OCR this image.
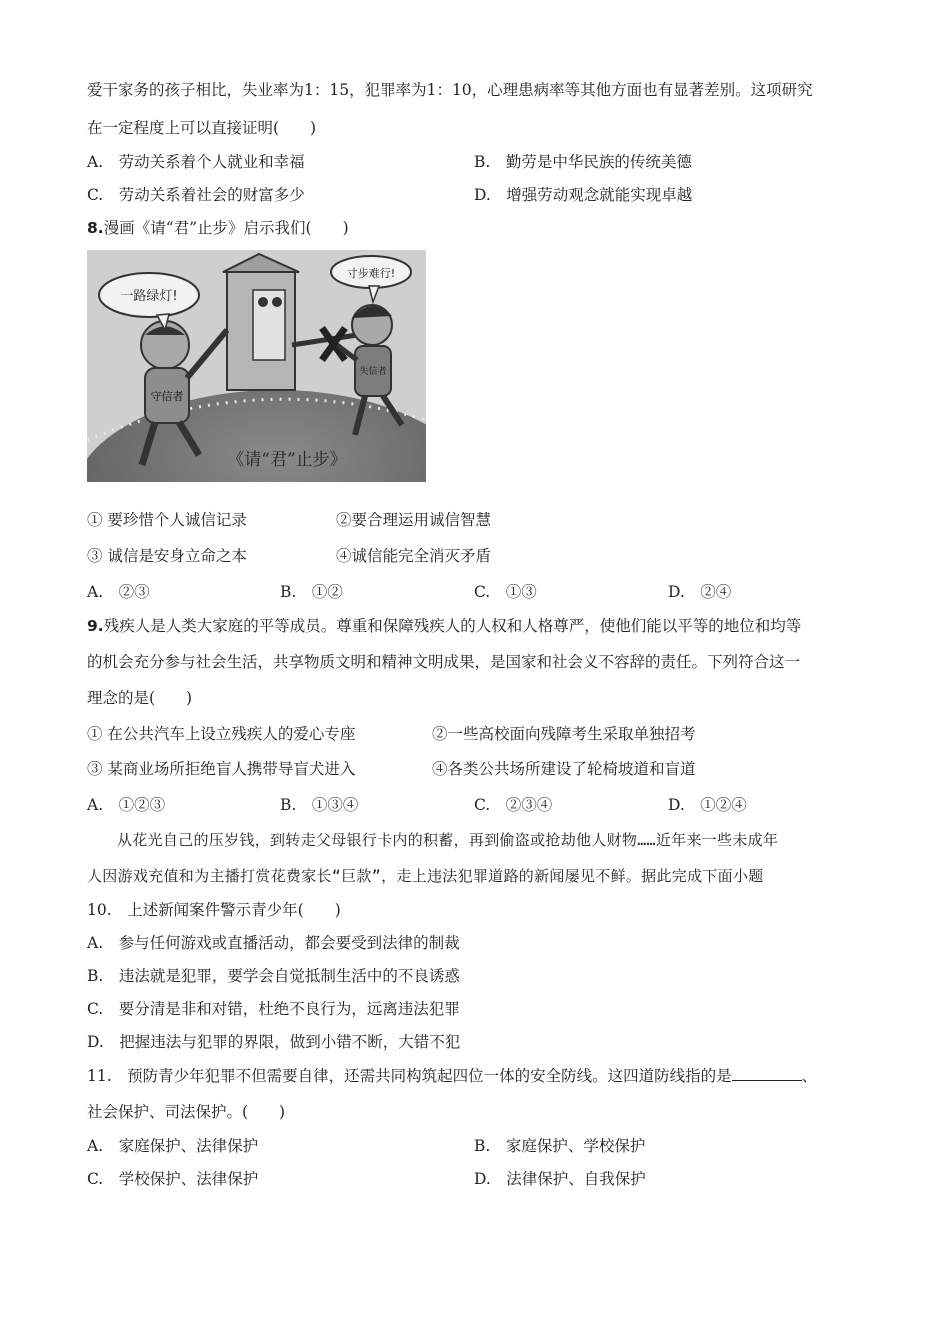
爱干家务的孩子相比，失业率为1：15，犯罪率为1：10，心理患病率等其他方面也有显著差别。这项研究
在一定程度上可以直接证明(　　)
A.　劳动关系着个人就业和幸福	B.　勤劳是中华民族的传统美德
C.　劳动关系着社会的财富多少	D.　增强劳动观念就能实现卓越
8.漫画《请“君”止步》启示我们(　　)
一路绿灯!
寸步难行!
守信者
失信者
《请“君”止步》
① 要珍惜个人诚信记录	②要合理运用诚信智慧
③ 诚信是安身立命之本	④诚信能完全消灭矛盾
A.　②③	B.　①②	C.　①③	D.　②④
9.残疾人是人类大家庭的平等成员。尊重和保障残疾人的人权和人格尊严，使他们能以平等的地位和均等
的机会充分参与社会生活，共享物质文明和精神文明成果，是国家和社会义不容辞的责任。下列符合这一
理念的是(　　)
① 在公共汽车上设立残疾人的爱心专座	②一些高校面向残障考生采取单独招考
③ 某商业场所拒绝盲人携带导盲犬进入	④各类公共场所建设了轮椅坡道和盲道
A.　①②③	B.　①③④	C.　②③④	D.　①②④
从花光自己的压岁钱，到转走父母银行卡内的积蓄，再到偷盗或抢劫他人财物……近年来一些未成年
人因游戏充值和为主播打赏花费家长“巨款”，走上违法犯罪道路的新闻屡见不鲜。据此完成下面小题
10.　上述新闻案件警示青少年(　　)
A.　参与任何游戏或直播活动，都会要受到法律的制裁
B.　违法就是犯罪，要学会自觉抵制生活中的不良诱惑
C.　要分清是非和对错，杜绝不良行为，远离违法犯罪
D.　把握违法与犯罪的界限，做到小错不断，大错不犯
11.　预防青少年犯罪不但需要自律，还需共同构筑起四位一体的安全防线。这四道防线指的是	、
社会保护、司法保护。(　　)
A.　家庭保护、法律保护	B.　家庭保护、学校保护
C.　学校保护、法律保护	D.　法律保护、自我保护
